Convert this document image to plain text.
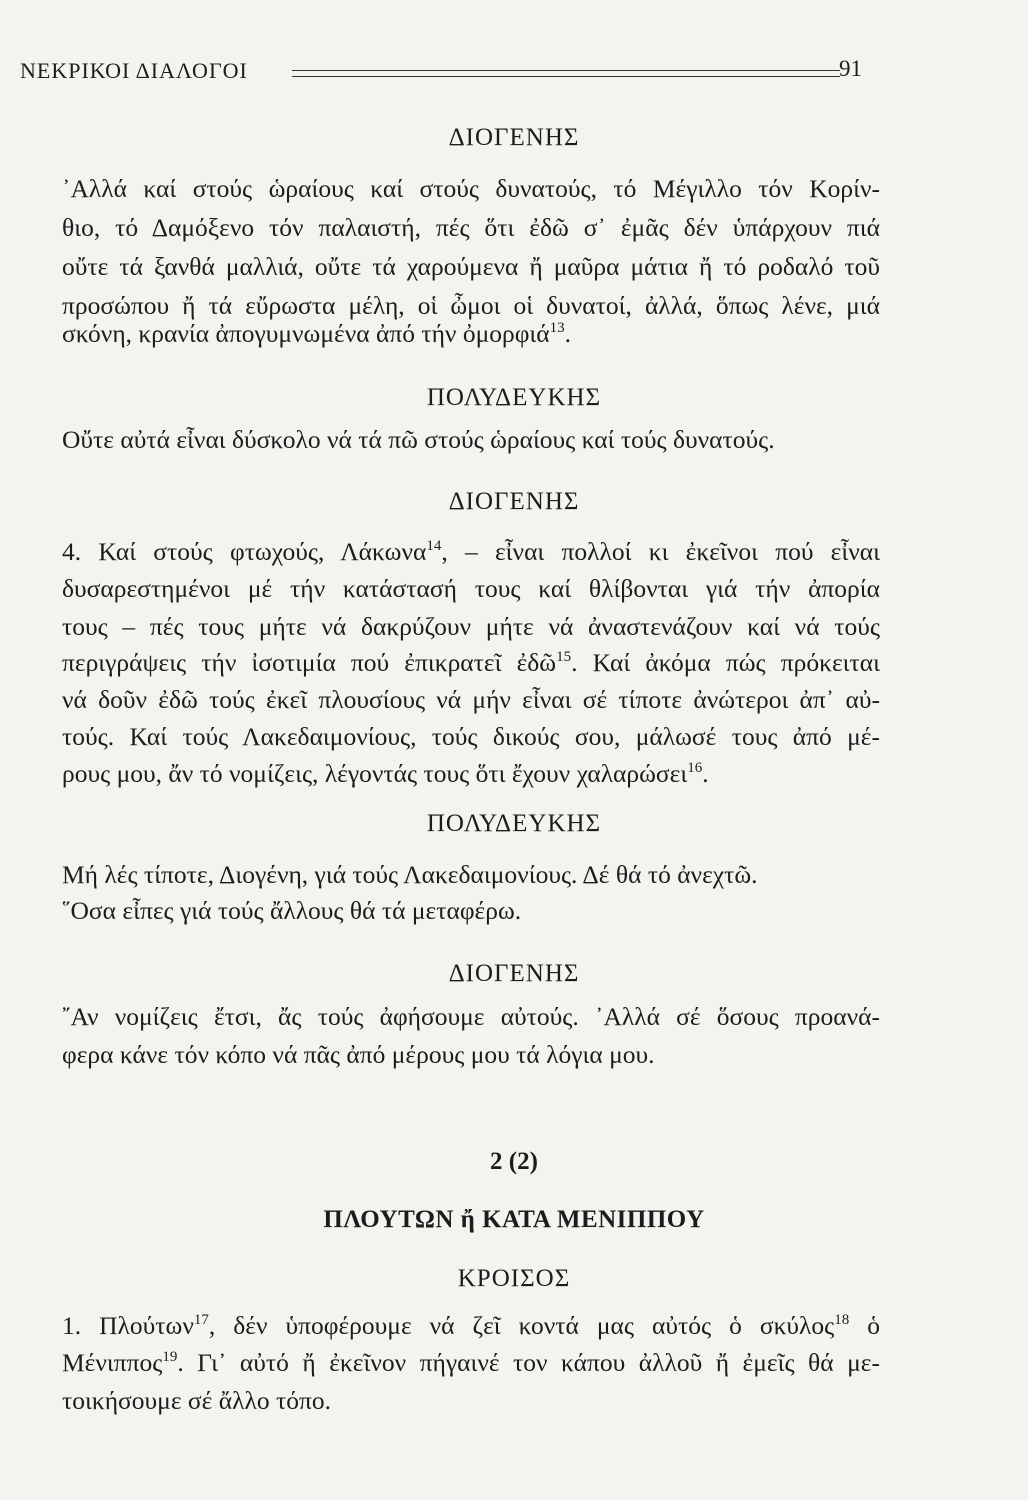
ΝΕΚΡΙΚΟΙ ΔΙΑΛΟΓΟΙ	91
ΔΙΟΓΕΝΗΣ
᾿Αλλά καί στούς ὡραίους καί στούς δυνατούς, τό Μέγιλλο τόν Κορίν-
θιο, τό Δαμόξενο τόν παλαιστή, πές ὅτι ἐδῶ σ᾿ ἐμᾶς δέν ὑπάρχουν πιά
οὔτε τά ξανθά μαλλιά, οὔτε τά χαρούμενα ἤ μαῦρα μάτια ἤ τό ροδαλό τοῦ
προσώπου ἤ τά εὔρωστα μέλη, οἱ ὦμοι οἱ δυνατοί, ἀλλά, ὅπως λένε, μιά
σκόνη, κρανία ἀπογυμνωμένα ἀπό τήν ὀμορφιά$^{13}$.
ΠΟΛΥΔΕΥΚΗΣ
Οὔτε αὐτά εἶναι δύσκολο νά τά πῶ στούς ὡραίους καί τούς δυνατούς.
ΔΙΟΓΕΝΗΣ
4. Καί στούς φτωχούς, Λάκωνα$^{14}$, – εἶναι πολλοί κι ἐκεῖνοι πού εἶναι
δυσαρεστημένοι μέ τήν κατάστασή τους καί θλίβονται γιά τήν ἀπορία
τους – πές τους μήτε νά δακρύζουν μήτε νά ἀναστενάζουν καί νά τούς
περιγράψεις τήν ἰσοτιμία πού ἐπικρατεῖ ἐδῶ$^{15}$. Καί ἀκόμα πώς πρόκειται
νά δοῦν ἐδῶ τούς ἐκεῖ πλουσίους νά μήν εἶναι σέ τίποτε ἀνώτεροι ἀπ᾿ αὐ-
τούς. Καί τούς Λακεδαιμονίους, τούς δικούς σου, μάλωσέ τους ἀπό μέ-
ρους μου, ἄν τό νομίζεις, λέγοντάς τους ὅτι ἔχουν χαλαρώσει$^{16}$.
ΠΟΛΥΔΕΥΚΗΣ
Μή λές τίποτε, Διογένη, γιά τούς Λακεδαιμονίους. Δέ θά τό ἀνεχτῶ.
῞Οσα εἶπες γιά τούς ἄλλους θά τά μεταφέρω.
ΔΙΟΓΕΝΗΣ
῎Αν νομίζεις ἔτσι, ἄς τούς ἀφήσουμε αὐτούς. ᾿Αλλά σέ ὅσους προανά-
φερα κάνε τόν κόπο νά πᾶς ἀπό μέρους μου τά λόγια μου.
2 (2)
ΠΛΟΥΤΩΝ ἤ ΚΑΤΑ ΜΕΝΙΠΠΟΥ
ΚΡΟΙΣΟΣ
1. Πλούτων$^{17}$, δέν ὑποφέρουμε νά ζεῖ κοντά μας αὐτός ὁ σκύλος$^{18}$ ὁ
Μένιππος$^{19}$. Γι᾿ αὐτό ἤ ἐκεῖνον πήγαινέ τον κάπου ἀλλοῦ ἤ ἐμεῖς θά με-
τοικήσουμε σέ ἄλλο τόπο.
